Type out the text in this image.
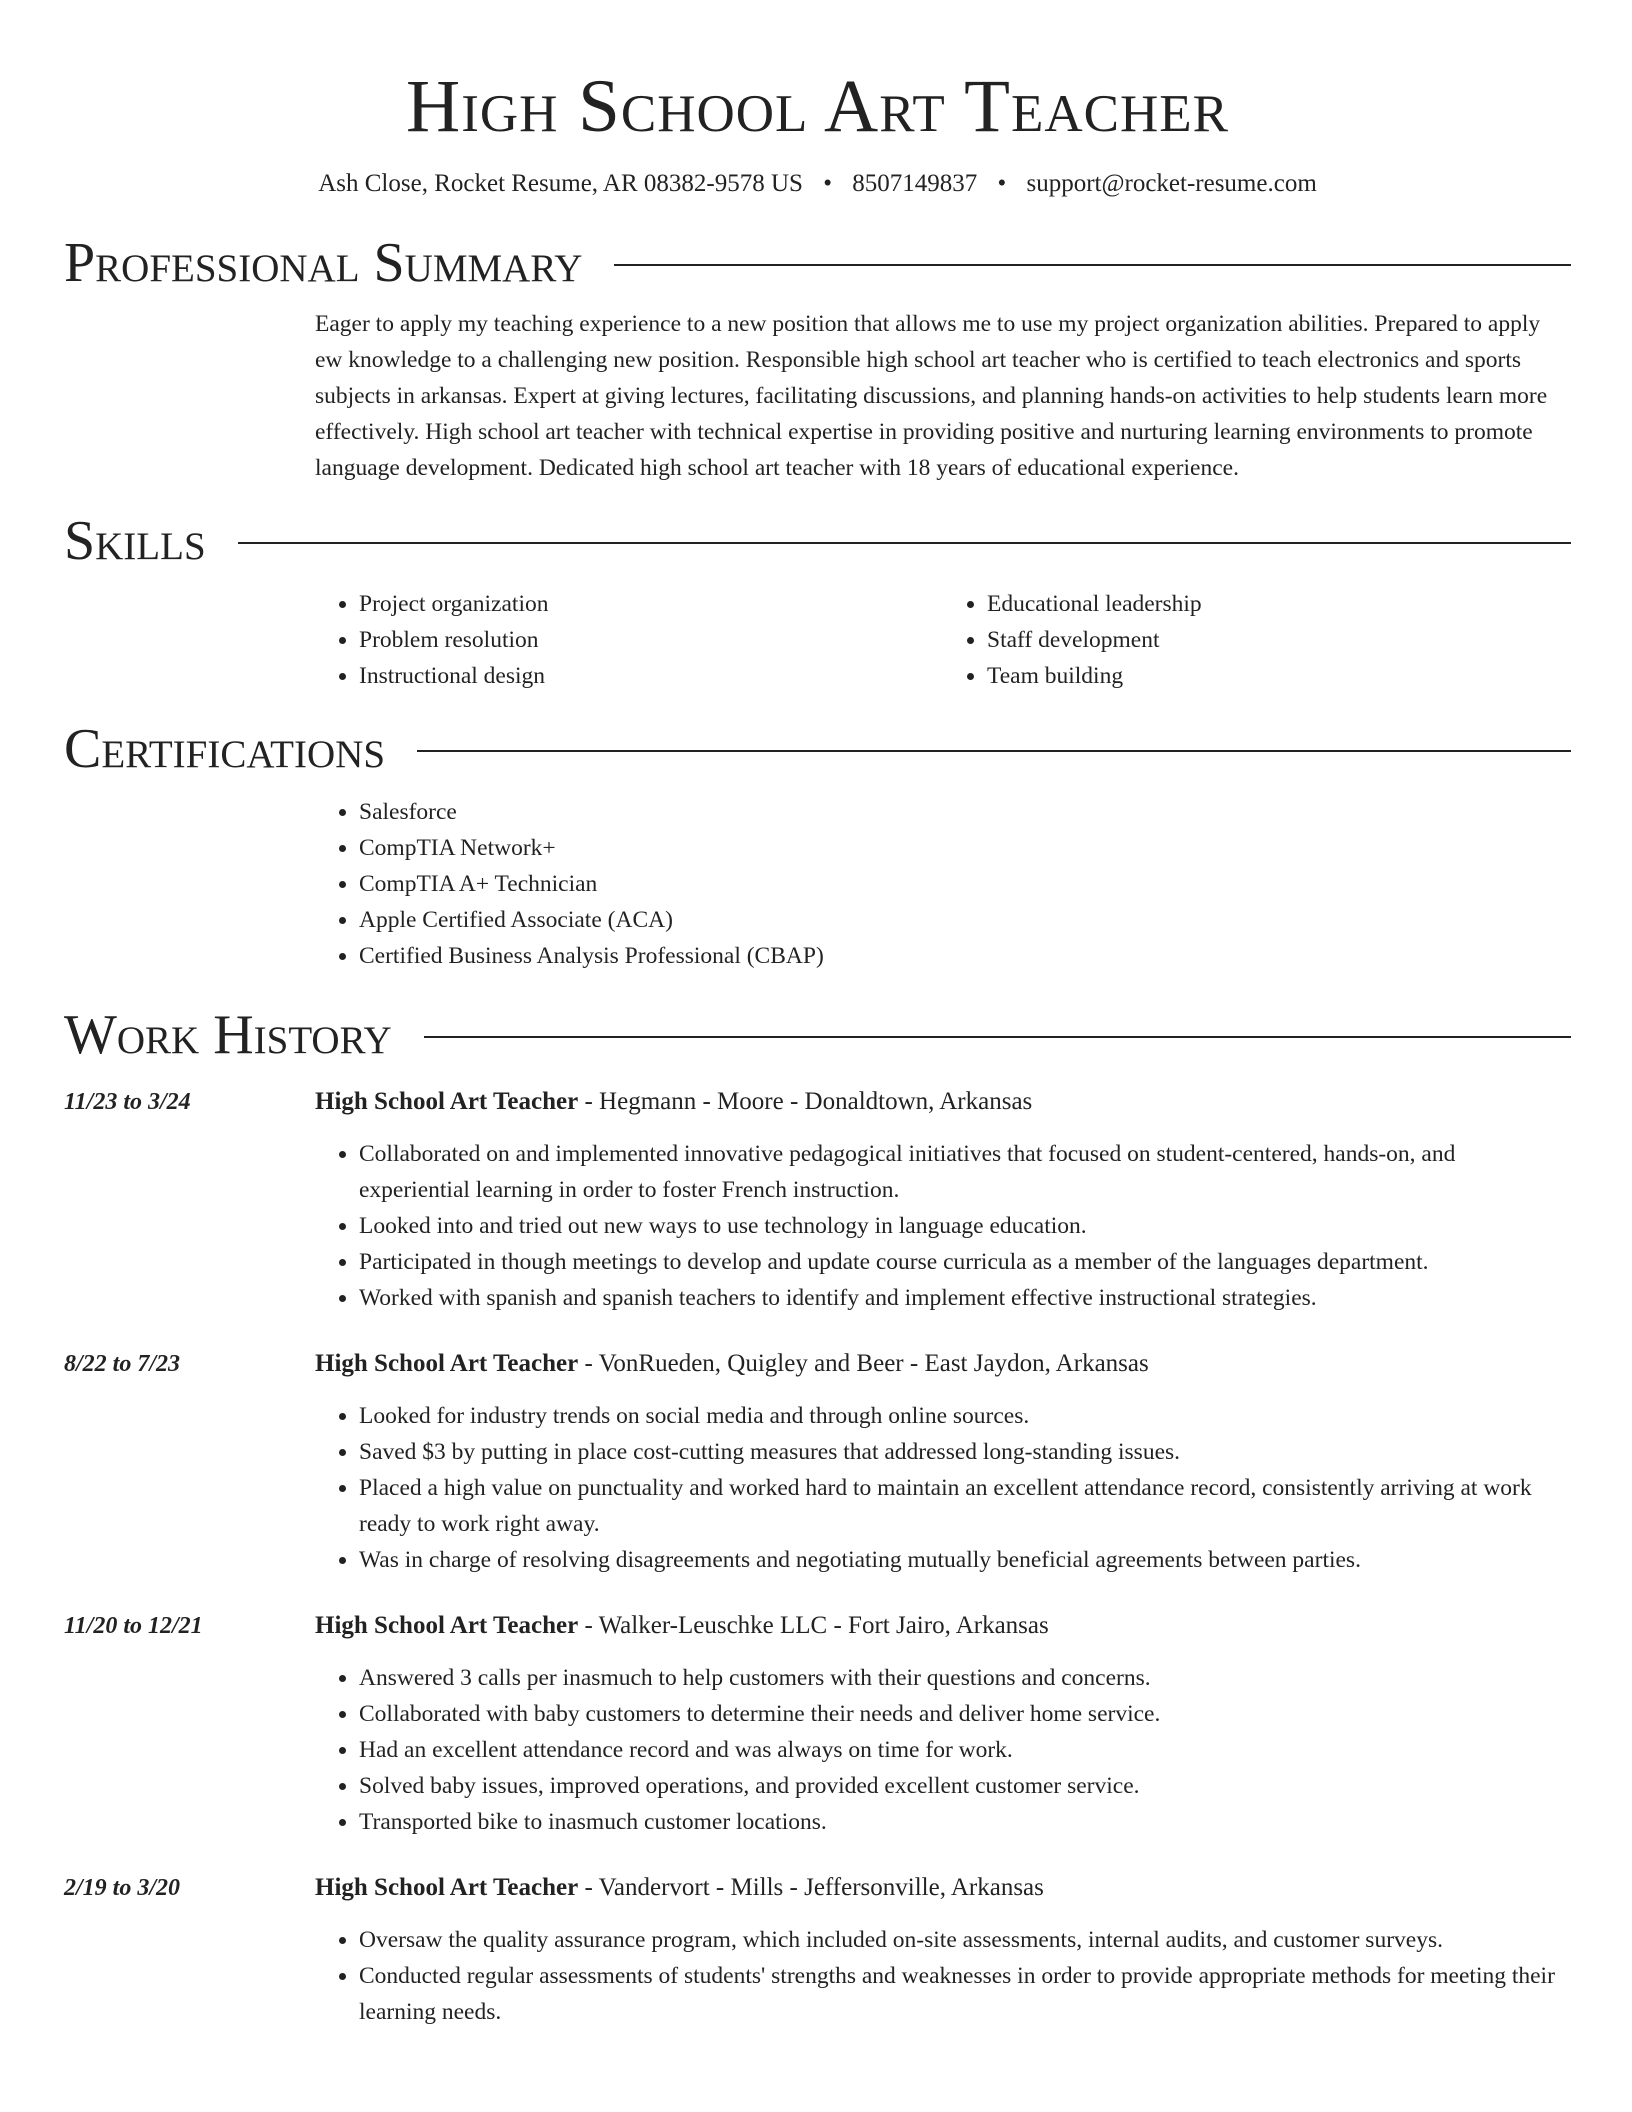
High School Art Teacher
Ash Close, Rocket Resume, AR 08382-9578 US • 8507149837 • support@rocket-resume.com
Professional Summary

Eager to apply my teaching experience to a new position that allows me to use my project organization abilities. Prepared to apply ew knowledge to a challenging new position. Responsible high school art teacher who is certified to teach electronics and sports subjects in arkansas. Expert at giving lectures, facilitating discussions, and planning hands-on activities to help students learn more effectively. High school art teacher with technical expertise in providing positive and nurturing learning environments to promote language development. Dedicated high school art teacher with 18 years of educational experience.

Skills
• Project organization
• Problem resolution
• Instructional design
• Educational leadership
• Staff development
• Team building
Certifications
• Salesforce
• CompTIA Network+
• CompTIA A+ Technician
• Apple Certified Associate (ACA)
• Certified Business Analysis Professional (CBAP)
Work History
11/23 to 3/24	High School Art Teacher - Hegmann - Moore - Donaldtown, Arkansas
• Collaborated on and implemented innovative pedagogical initiatives that focused on student-centered, hands-on, and experiential learning in order to foster French instruction.
• Looked into and tried out new ways to use technology in language education.
• Participated in though meetings to develop and update course curricula as a member of the languages department.
• Worked with spanish and spanish teachers to identify and implement effective instructional strategies.
8/22 to 7/23	High School Art Teacher - VonRueden, Quigley and Beer - East Jaydon, Arkansas
• Looked for industry trends on social media and through online sources.
• Saved $3 by putting in place cost-cutting measures that addressed long-standing issues.
• Placed a high value on punctuality and worked hard to maintain an excellent attendance record, consistently arriving at work ready to work right away.
• Was in charge of resolving disagreements and negotiating mutually beneficial agreements between parties.
11/20 to 12/21	High School Art Teacher - Walker-Leuschke LLC - Fort Jairo, Arkansas
• Answered 3 calls per inasmuch to help customers with their questions and concerns.
• Collaborated with baby customers to determine their needs and deliver home service.
• Had an excellent attendance record and was always on time for work.
• Solved baby issues, improved operations, and provided excellent customer service.
• Transported bike to inasmuch customer locations.
2/19 to 3/20	High School Art Teacher - Vandervort - Mills - Jeffersonville, Arkansas
• Oversaw the quality assurance program, which included on-site assessments, internal audits, and customer surveys.
• Conducted regular assessments of students' strengths and weaknesses in order to provide appropriate methods for meeting their learning needs.
